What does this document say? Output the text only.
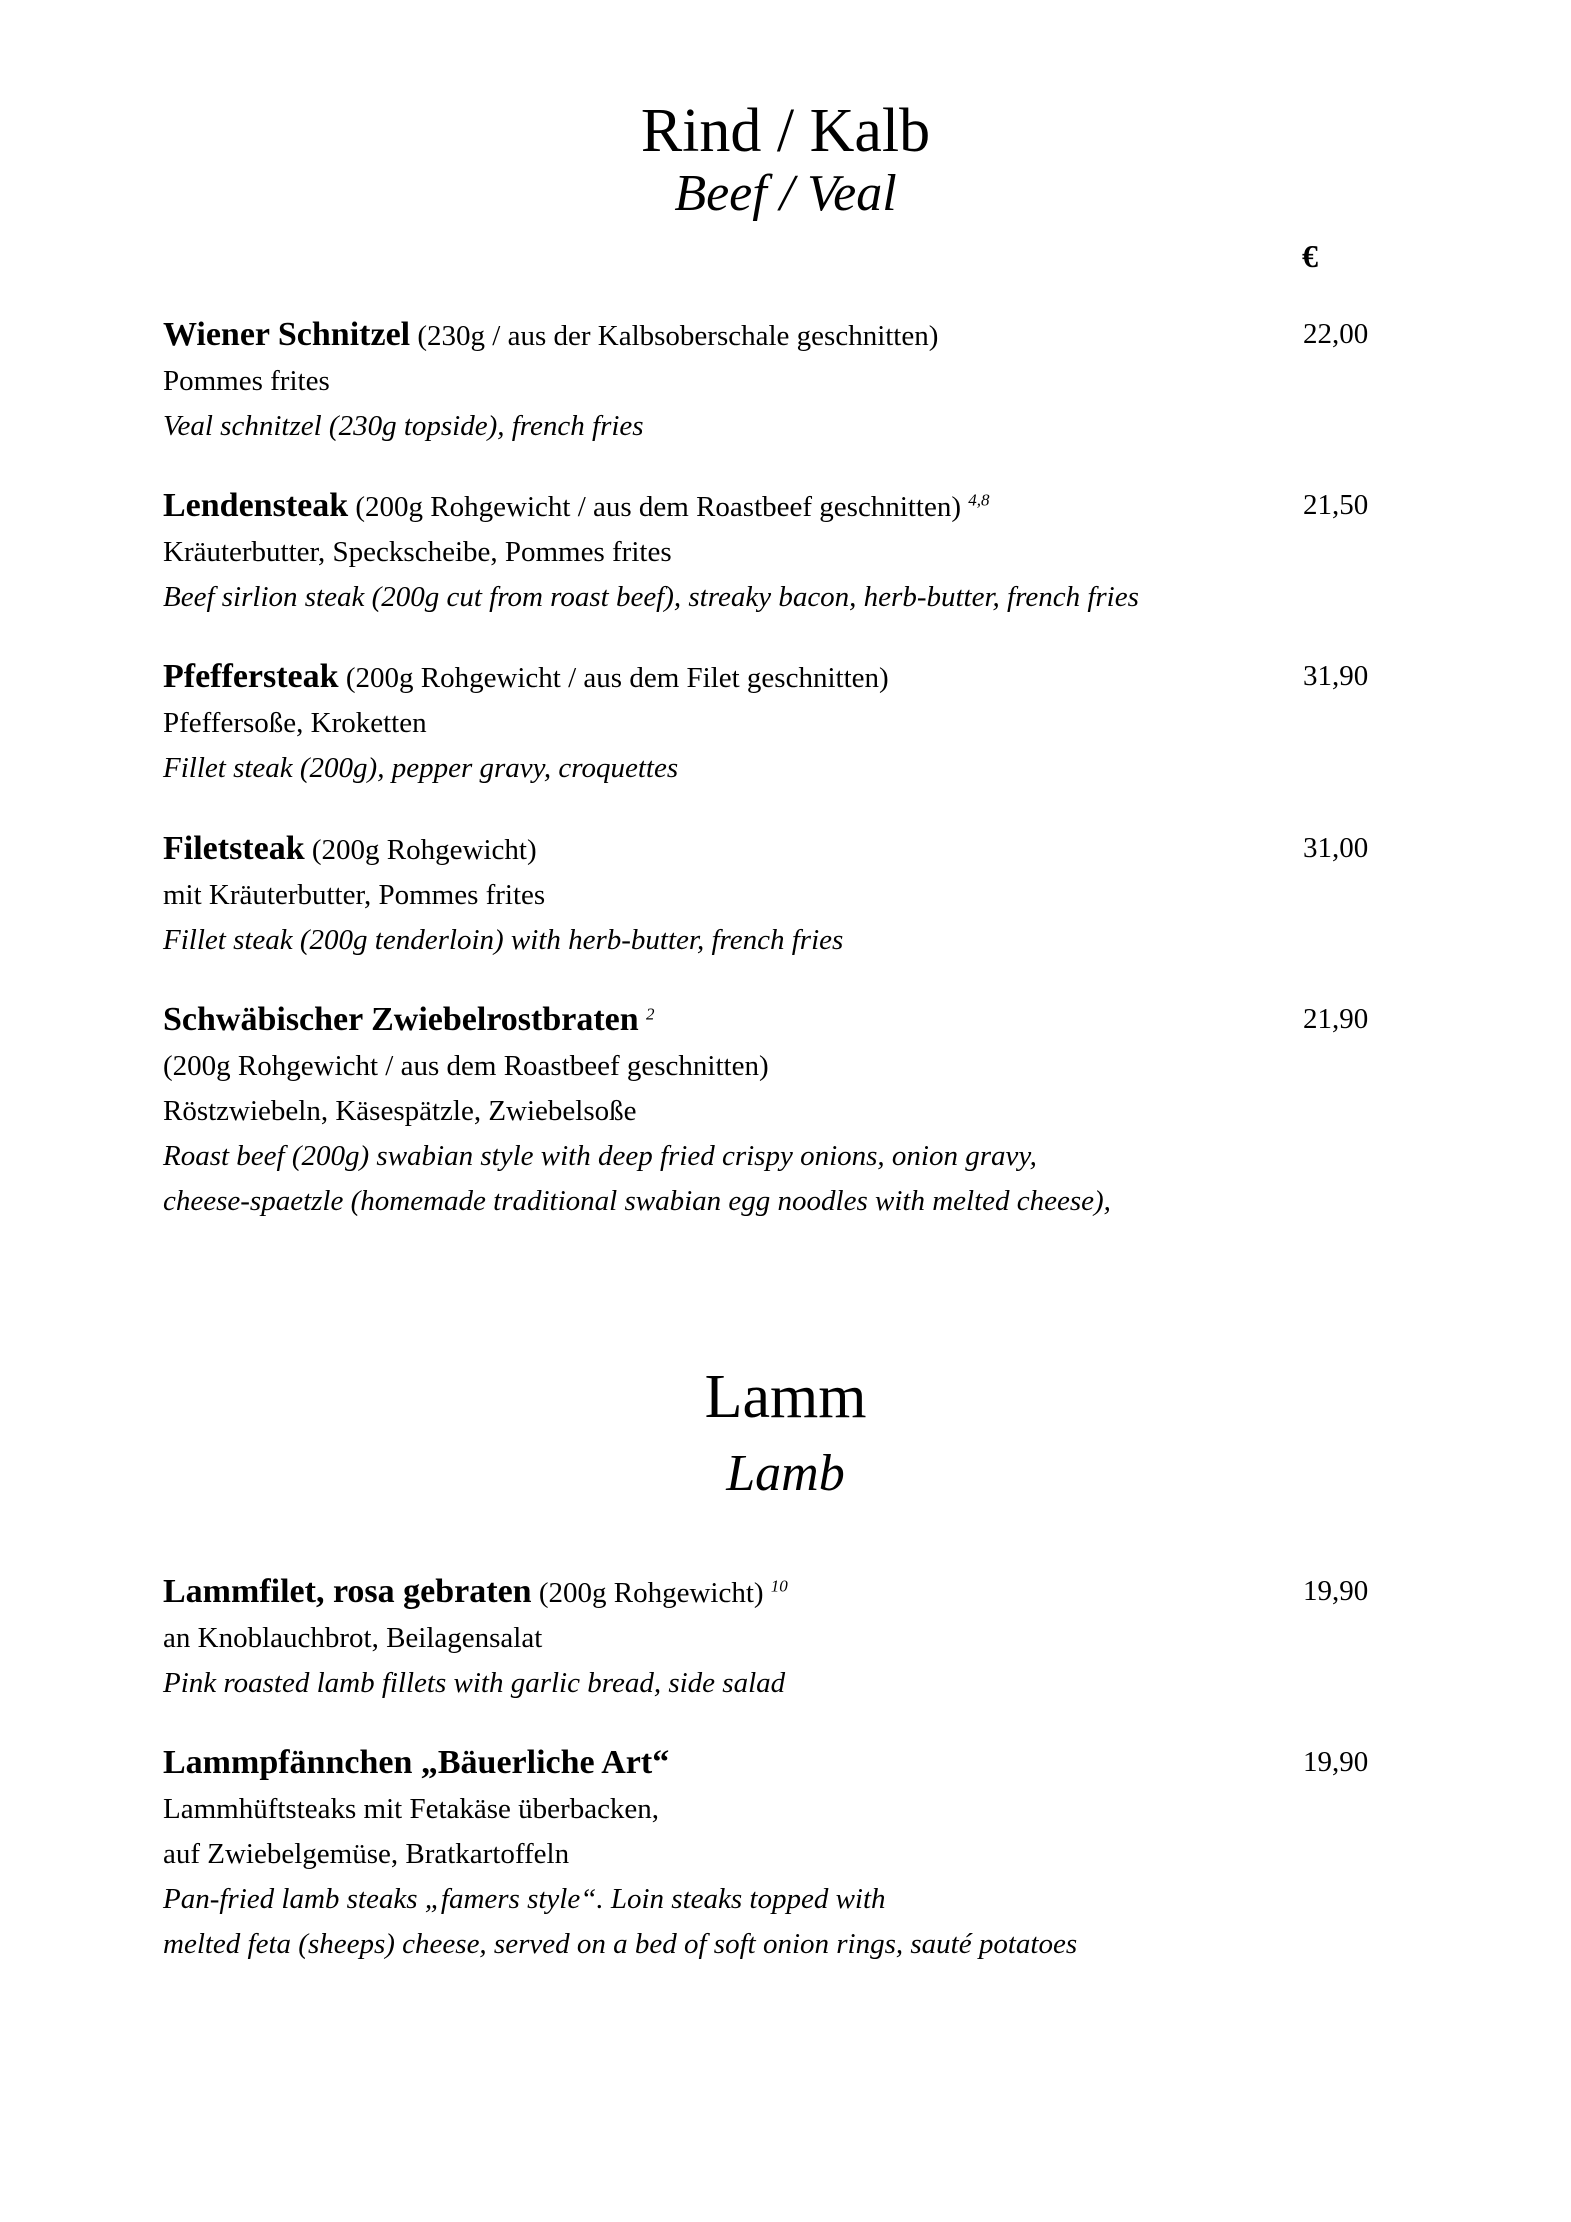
Rind / Kalb
Beef / Veal
€
Wiener Schnitzel (230g / aus der Kalbsoberschale geschnitten)	22,00
Pommes frites
Veal schnitzel (230g topside), french fries
Lendensteak (200g Rohgewicht / aus dem Roastbeef geschnitten) $^{4,8}$	21,50
Kräuterbutter, Speckscheibe, Pommes frites
Beef sirlion steak (200g cut from roast beef), streaky bacon, herb-butter, french fries
Pfeffersteak (200g Rohgewicht / aus dem Filet geschnitten)	31,90
Pfeffersoße, Kroketten
Fillet steak (200g), pepper gravy, croquettes
Filetsteak (200g Rohgewicht)	31,00
mit Kräuterbutter, Pommes frites
Fillet steak (200g tenderloin) with herb-butter, french fries
Schwäbischer Zwiebelrostbraten $^2$	21,90
(200g Rohgewicht / aus dem Roastbeef geschnitten)
Röstzwiebeln, Käsespätzle, Zwiebelsoße
Roast beef (200g) swabian style with deep fried crispy onions, onion gravy,
cheese-spaetzle (homemade traditional swabian egg noodles with melted cheese),
Lamm
Lamb
Lammfilet, rosa gebraten (200g Rohgewicht) $^{10}$	19,90
an Knoblauchbrot, Beilagensalat
Pink roasted lamb fillets with garlic bread, side salad
Lammpfännchen „Bäuerliche Art“	19,90
Lammhüftsteaks mit Fetakäse überbacken,
auf Zwiebelgemüse, Bratkartoffeln
Pan-fried lamb steaks „famers style“. Loin steaks topped with
melted feta (sheeps) cheese, served on a bed of soft onion rings, sauté potatoes
